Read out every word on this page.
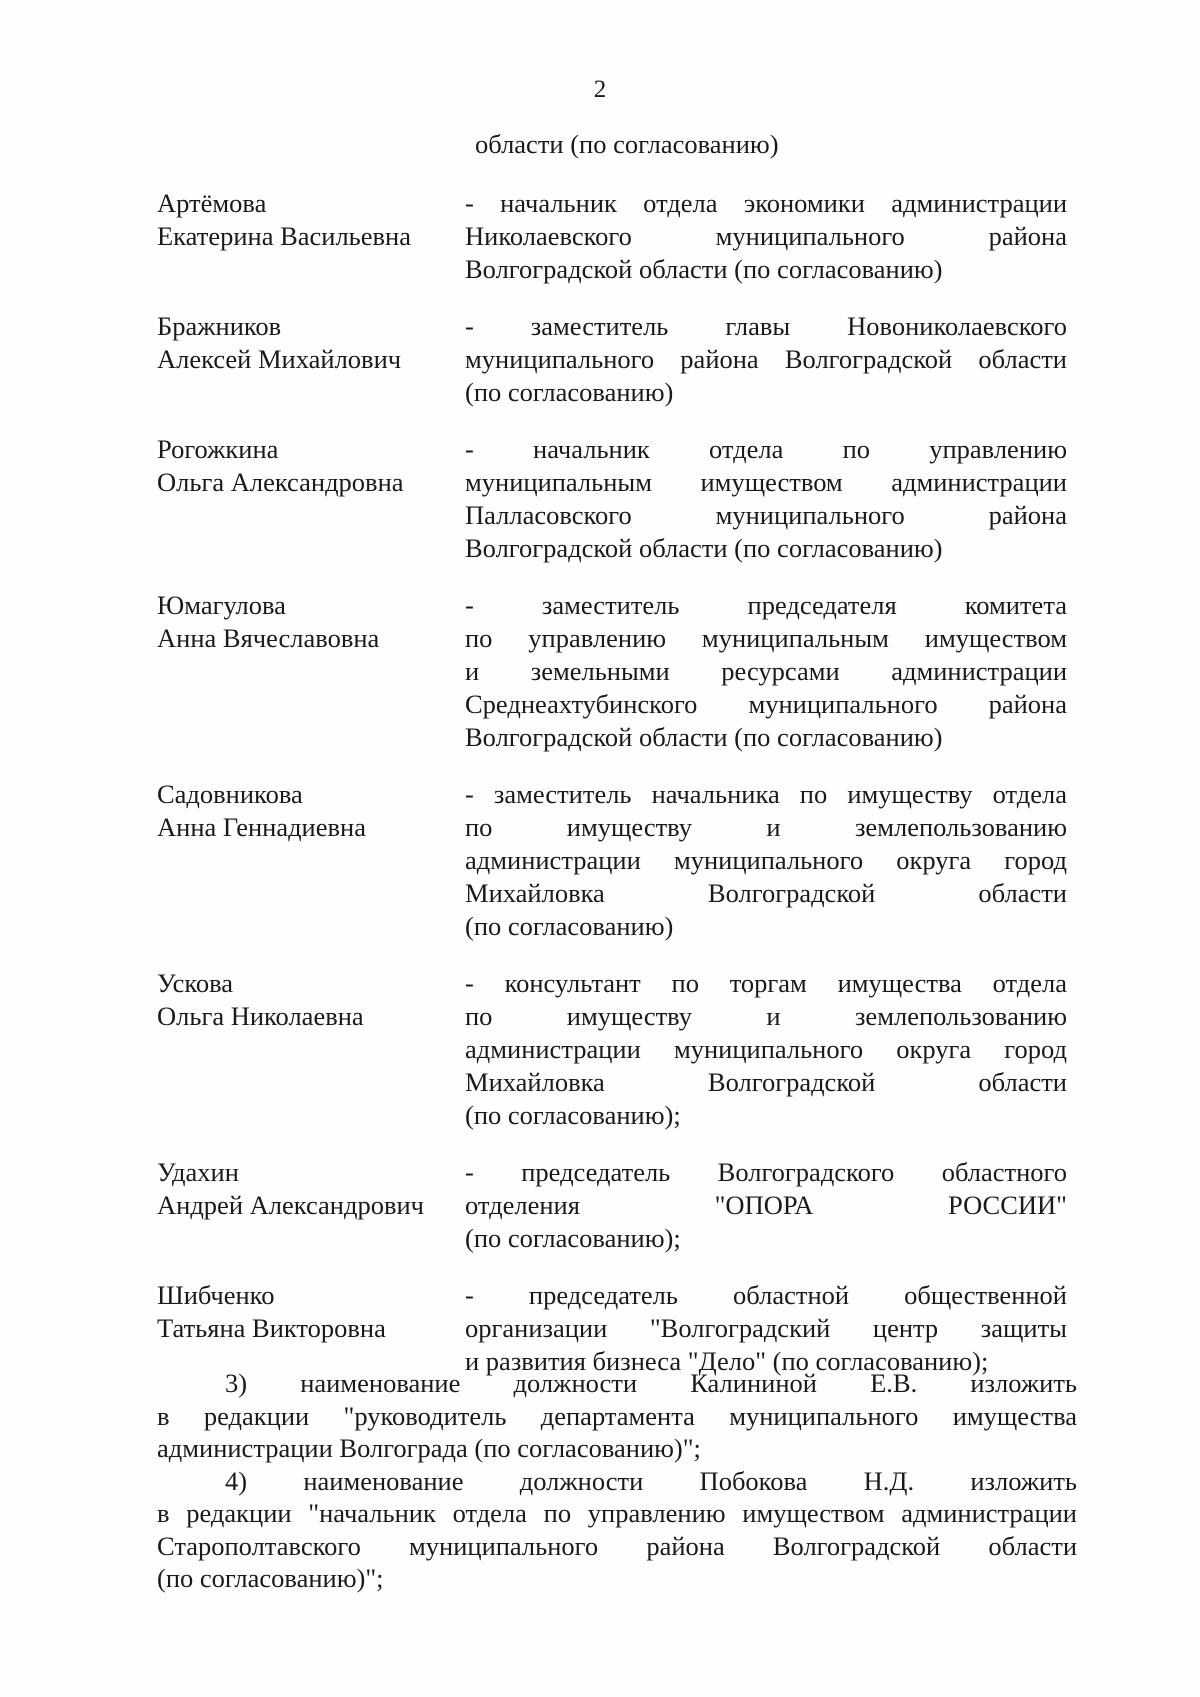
2
области (по согласованию)
Артёмова
Екатерина Васильевна
- начальник отдела экономики администрации
Николаевского муниципального района
Волгоградской области (по согласованию)
Бражников
Алексей Михайлович
- заместитель главы Новониколаевского
муниципального района Волгоградской области
(по согласованию)
Рогожкина
Ольга Александровна
- начальник отдела по управлению
муниципальным имуществом администрации
Палласовского муниципального района
Волгоградской области (по согласованию)
Юмагулова
Анна Вячеславовна
- заместитель председателя комитета
по управлению муниципальным имуществом
и земельными ресурсами администрации
Среднеахтубинского муниципального района
Волгоградской области (по согласованию)
Садовникова
Анна Геннадиевна
- заместитель начальника по имуществу отдела
по имуществу и землепользованию
администрации муниципального округа город
Михайловка Волгоградской области
(по согласованию)
Ускова
Ольга Николаевна
- консультант по торгам имущества отдела
по имуществу и землепользованию
администрации муниципального округа город
Михайловка Волгоградской области
(по согласованию);
Удахин
Андрей Александрович
- председатель Волгоградского областного
отделения "ОПОРА РОССИИ"
(по согласованию);
Шибченко
Татьяна Викторовна
- председатель областной общественной
организации "Волгоградский центр защиты
и развития бизнеса "Дело" (по согласованию);
3) наименование должности Калининой Е.В. изложить
в редакции "руководитель департамента муниципального имущества
администрации Волгограда (по согласованию)";
4) наименование должности Побокова Н.Д. изложить
в редакции "начальник отдела по управлению имуществом администрации
Старополтавского муниципального района Волгоградской области
(по согласованию)";
